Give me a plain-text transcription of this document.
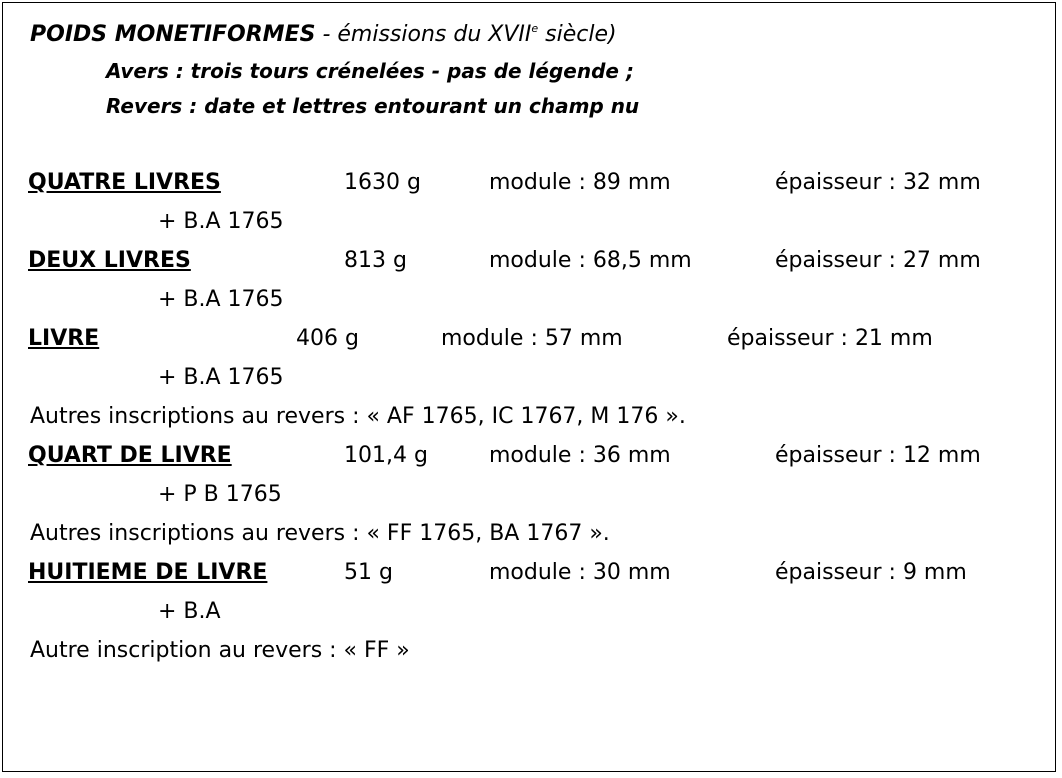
POIDS MONETIFORMES - émissions du XVIIe siècle)
Avers : trois tours crénelées - pas de légende ;
Revers : date et lettres entourant un champ nu
QUATRE LIVRES	1630 g	module : 89 mm	épaisseur : 32 mm
+ B.A 1765
DEUX LIVRES	813 g	module : 68,5 mm	épaisseur : 27 mm
+ B.A 1765
LIVRE	406 g	module : 57 mm	épaisseur : 21 mm
+ B.A 1765
Autres inscriptions au revers : « AF 1765, IC 1767, M 176 ».
QUART DE LIVRE	101,4 g	module : 36 mm	épaisseur : 12 mm
+ P B 1765
Autres inscriptions au revers : « FF 1765, BA 1767 ».
HUITIEME DE LIVRE	51 g	module : 30 mm	épaisseur : 9 mm
+ B.A
Autre inscription au revers : « FF »
